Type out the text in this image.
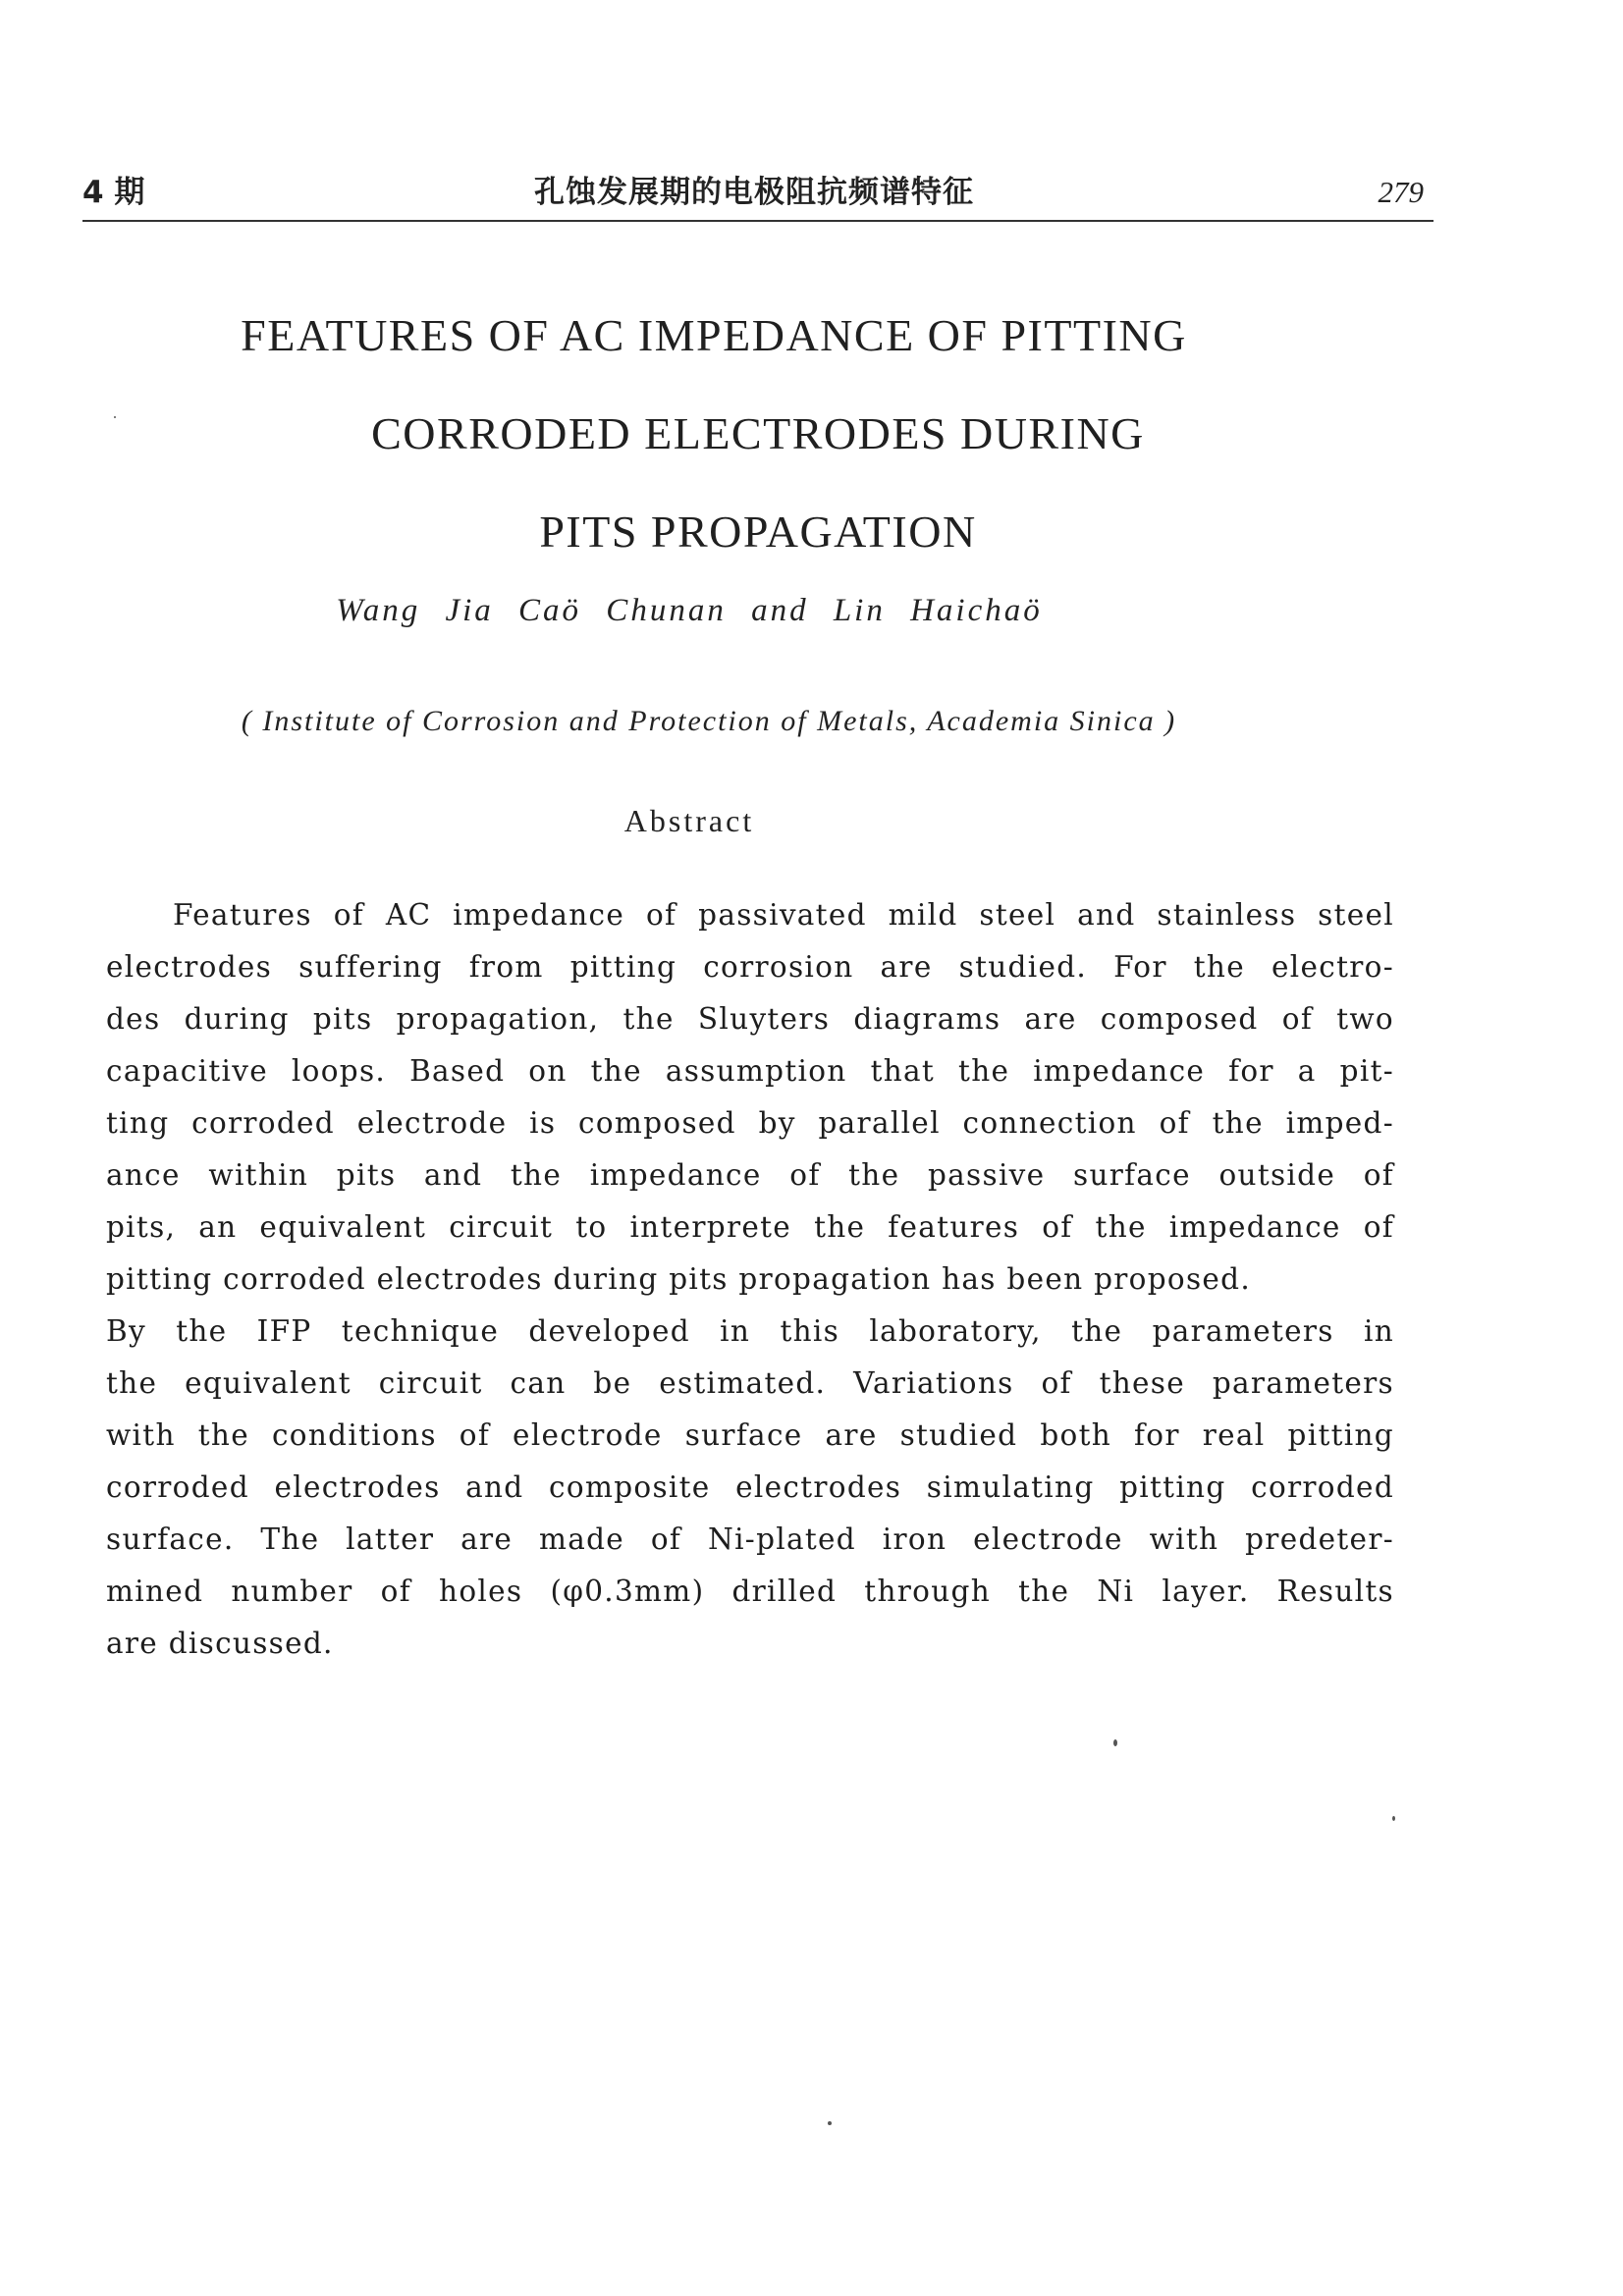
4 期	孔蚀发展期的电极阻抗频谱特征	279
FEATURES OF AC IMPEDANCE OF PITTING
CORRODED ELECTRODES DURING
PITS PROPAGATION
Wang Jia Caö Chunan and Lin Haichaö
( Institute of Corrosion and Protection of Metals, Academia Sinica )
Abstract
Features of AC impedance of passivated mild steel and stainless steel
electrodes suffering from pitting corrosion are studied. For the electro-
des during pits propagation, the Sluyters diagrams are composed of two
capacitive loops. Based on the assumption that the impedance for a pit-
ting corroded electrode is composed by parallel connection of the imped-
ance within pits and the impedance of the passive surface outside of
pits, an equivalent circuit to interprete the features of the impedance of
pitting corroded electrodes during pits propagation has been proposed.
By the IFP technique developed in this laboratory, the parameters in
the equivalent circuit can be estimated. Variations of these parameters
with the conditions of electrode surface are studied both for real pitting
corroded electrodes and composite electrodes simulating pitting corroded
surface. The latter are made of Ni-plated iron electrode with predeter-
mined number of holes (φ0.3mm) drilled through the Ni layer. Results
are discussed.
